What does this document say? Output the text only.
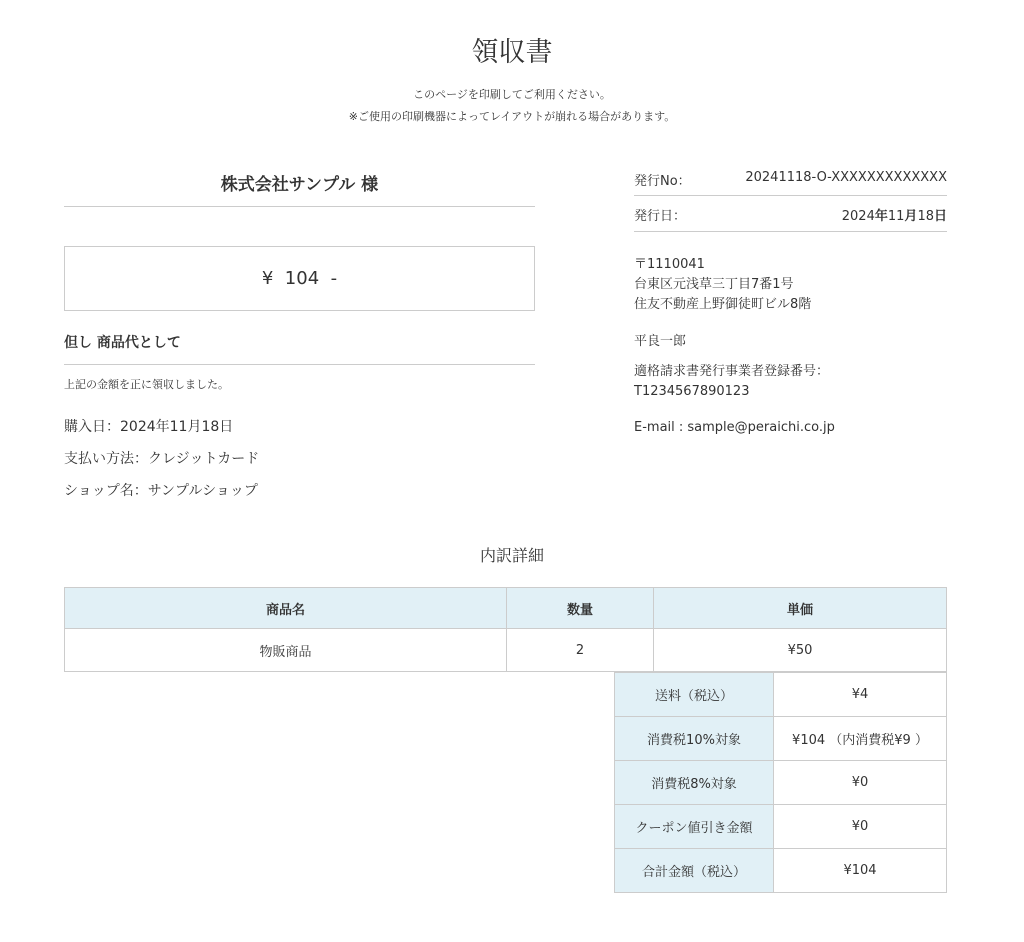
領収書
このページを印刷してご利用ください。
※ご使用の印刷機器によってレイアウトが崩れる場合があります。
株式会社サンプル 様
¥  104  -
但し 商品代として
上記の金額を正に領収しました。
購入日：2024年11月18日
支払い方法：クレジットカード
ショップ名：サンプルショップ
発行No：	20241118-O-XXXXXXXXXXXXX
発行日：	2024年11月18日
〒1110041
台東区元浅草三丁目7番1号
住友不動産上野御徒町ビル8階
平良一郎
適格請求書発行事業者登録番号：
T1234567890123
E-mail : sample@peraichi.co.jp
内訳詳細
商品名	数量	単価
物販商品	2	¥50
送料（税込）	¥4
消費税10%対象	¥104 （内消費税¥9 ）
消費税8%対象	¥0
クーポン値引き金額	¥0
合計金額（税込）	¥104
